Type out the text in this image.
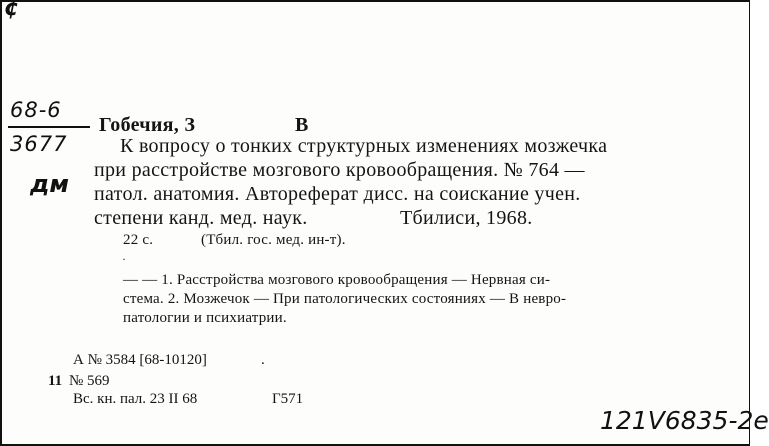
¢
68-6
3677
дм
Гобечия, З	В
К вопросу о тонких структурных изменениях мозжечка
при расстройстве мозгового кровообращения. № 764 —
патол. анатомия. Автореферат дисс. на соискание учен.
степени канд. мед. наук.	Тбилиси, 1968.
22 с.	(Тбил. гос. мед. ин-т).
·
— — 1. Расстройства мозгового кровообращения — Нервная си-
стема. 2. Мозжечок — При патологических состояниях — В невро-
патологии и психиатрии.
А № 3584 [68-10120]	.
11 № 569
Вс. кн. пал. 23 II 68	Г571
121V6835-2е
